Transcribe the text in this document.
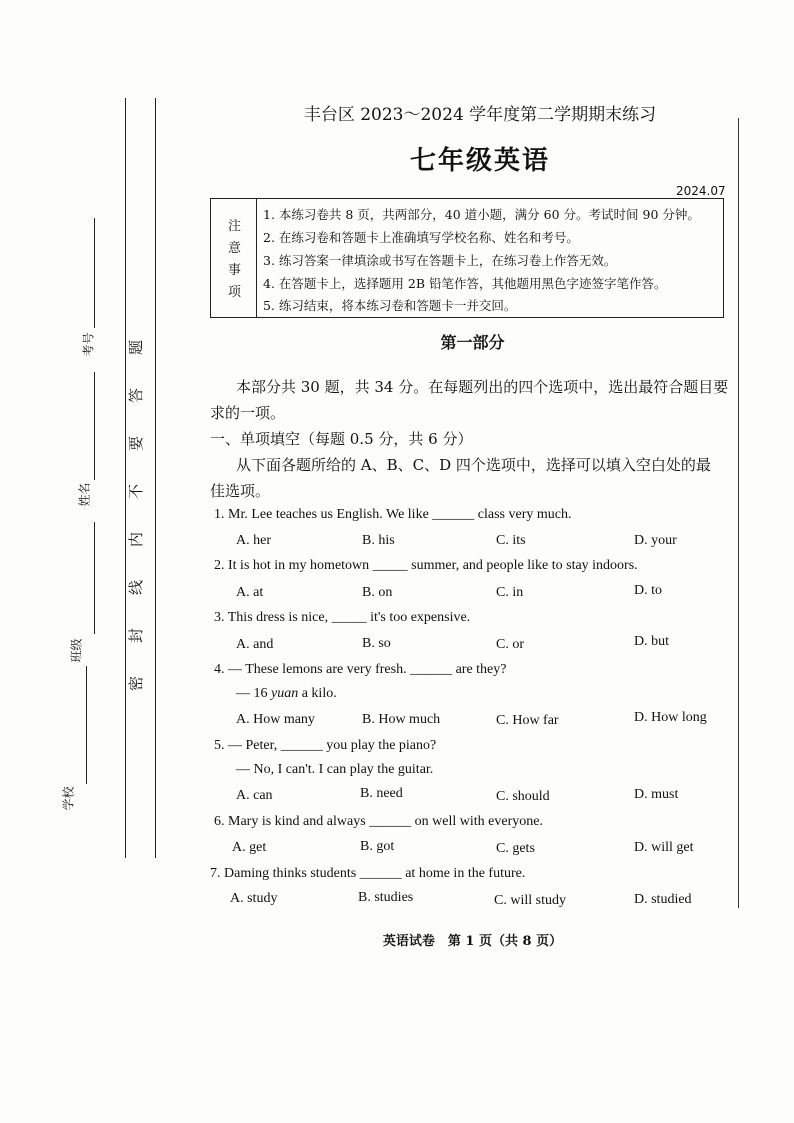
考号
姓名
班级
学校
题
答
要
不
内
线
封
密
丰台区 2023～2024 学年度第二学期期末练习
七年级英语
2024.07
注
意
事
项
1. 本练习卷共 8 页，共两部分，40 道小题，满分 60 分。考试时间 90 分钟。
2. 在练习卷和答题卡上准确填写学校名称、姓名和考号。
3. 练习答案一律填涂或书写在答题卡上，在练习卷上作答无效。
4. 在答题卡上，选择题用 2B 铅笔作答，其他题用黑色字迹签字笔作答。
5. 练习结束，将本练习卷和答题卡一并交回。
第一部分
本部分共 30 题，共 34 分。在每题列出的四个选项中，选出最符合题目要
求的一项。
一、单项填空（每题 0.5 分，共 6 分）
从下面各题所给的 A、B、C、D 四个选项中，选择可以填入空白处的最
佳选项。
1. Mr. Lee teaches us English. We like ______ class very much.
A. her	B. his	C. its	D. your
2. It is hot in my hometown _____ summer, and people like to stay indoors.
A. at	B. on	C. in	D. to
3. This dress is nice, _____ it's too expensive.
A. and	B. so	C. or	D. but
4. — These lemons are very fresh. ______ are they?
— 16 yuan a kilo.
A. How many	B. How much	C. How far	D. How long
5. — Peter, ______ you play the piano?
— No, I can't. I can play the guitar.
A. can	B. need	C. should	D. must
6. Mary is kind and always ______ on well with everyone.
A. get	B. got	C. gets	D. will get
7. Daming thinks students ______ at home in the future.
A. study	B. studies	C. will study	D. studied
英语试卷　第 1 页（共 8 页）
